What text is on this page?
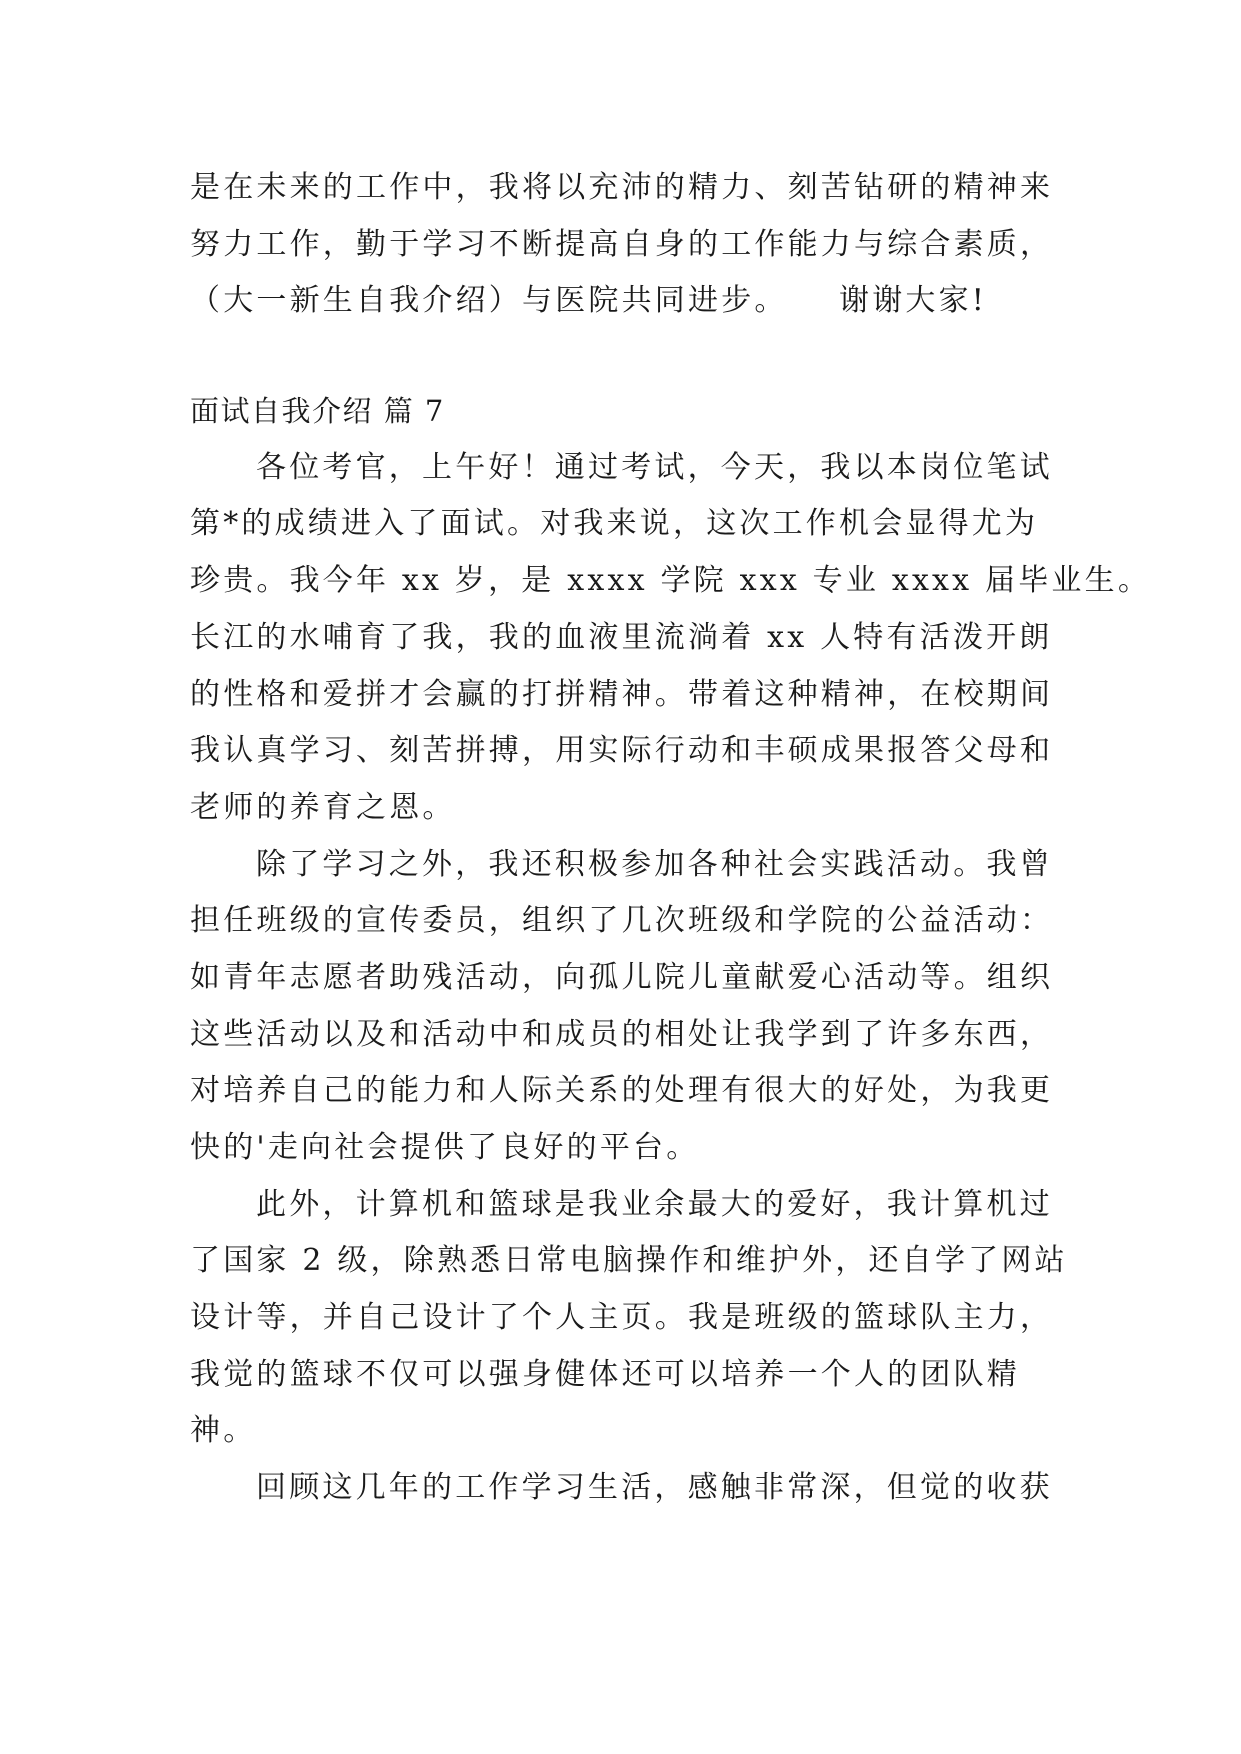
是在未来的工作中，我将以充沛的精力、刻苦钻研的精神来
努力工作，勤于学习不断提高自身的工作能力与综合素质，
（大一新生自我介绍）与医院共同进步。　　谢谢大家!
面试自我介绍 篇 7
各位考官，上午好！通过考试，今天，我以本岗位笔试
第*的成绩进入了面试。对我来说，这次工作机会显得尤为
珍贵。我今年 xx 岁，是 xxxx 学院 xxx 专业 xxxx 届毕业生。
长江的水哺育了我，我的血液里流淌着 xx 人特有活泼开朗
的性格和爱拼才会赢的打拼精神。带着这种精神，在校期间
我认真学习、刻苦拼搏，用实际行动和丰硕成果报答父母和
老师的养育之恩。
除了学习之外，我还积极参加各种社会实践活动。我曾
担任班级的宣传委员，组织了几次班级和学院的公益活动：
如青年志愿者助残活动，向孤儿院儿童献爱心活动等。组织
这些活动以及和活动中和成员的相处让我学到了许多东西，
对培养自己的能力和人际关系的处理有很大的好处，为我更
快的'走向社会提供了良好的平台。
此外，计算机和篮球是我业余最大的爱好，我计算机过
了国家 2 级，除熟悉日常电脑操作和维护外，还自学了网站
设计等，并自己设计了个人主页。我是班级的篮球队主力，
我觉的篮球不仅可以强身健体还可以培养一个人的团队精
神。
回顾这几年的工作学习生活，感触非常深，但觉的收获
